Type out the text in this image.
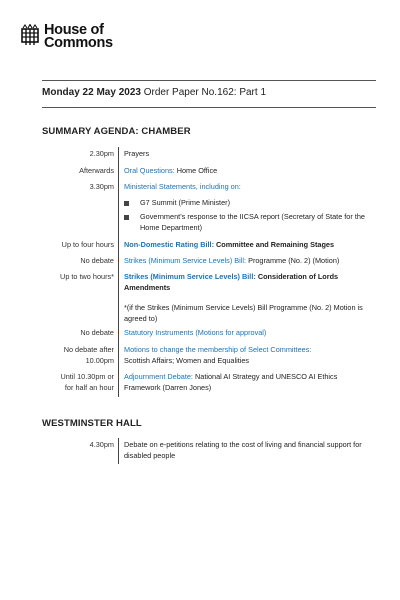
House of
Commons
Monday 22 May 2023 Order Paper No.162: Part 1
SUMMARY AGENDA: CHAMBER
2.30pm Prayers
Afterwards Oral Questions: Home Office
3.30pm Ministerial Statements, including on:
G7 Summit (Prime Minister)
Government’s response to the IICSA report (Secretary of State for the Home Department)
Up to four hours Non-Domestic Rating Bill: Committee and Remaining Stages
No debate Strikes (Minimum Service Levels) Bill: Programme (No. 2) (Motion)
Up to two hours* Strikes (Minimum Service Levels) Bill: Consideration of Lords Amendments
*(if the Strikes (Minimum Service Levels) Bill Programme (No. 2) Motion is agreed to)
No debate Statutory Instruments (Motions for approval)
No debate after
10.00pm
Motions to change the membership of Select Committees:
Scottish Affairs; Women and Equalities
Until 10.30pm or
for half an hour
Adjournment Debate: National AI Strategy and UNESCO AI Ethics Framework (Darren Jones)
WESTMINSTER HALL
4.30pm Debate on e-petitions relating to the cost of living and financial support for disabled people
